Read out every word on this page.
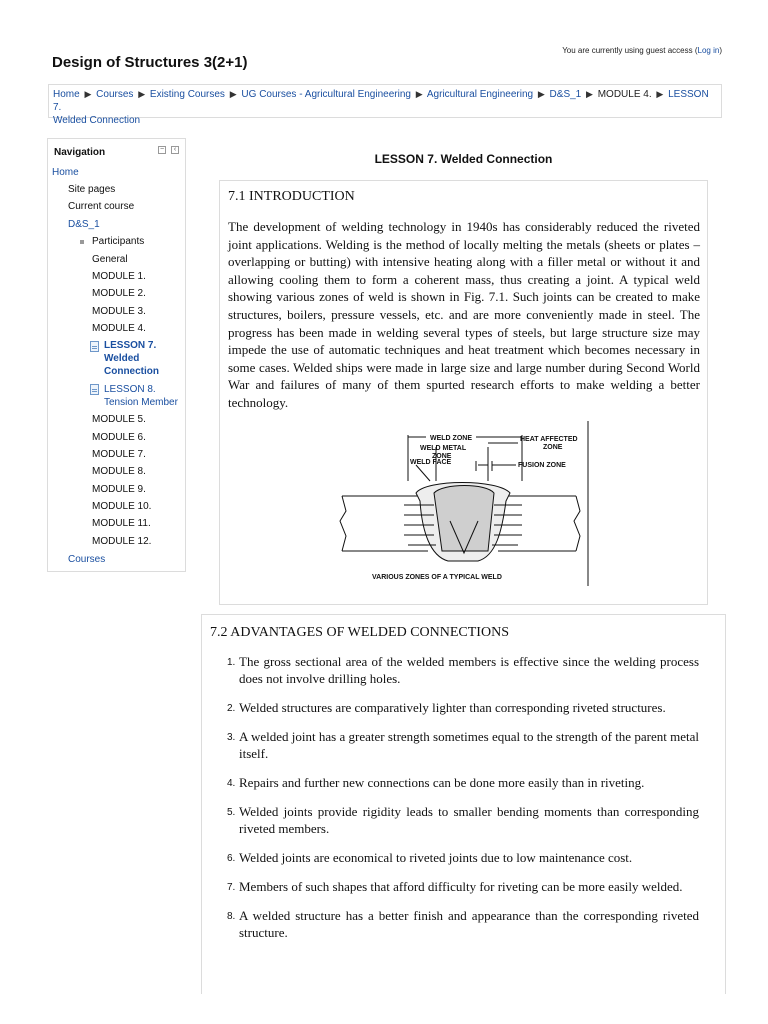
You are currently using guest access (Log in)
Design of Structures 3(2+1)
Home ▶ Courses ▶ Existing Courses ▶ UG Courses - Agricultural Engineering ▶ Agricultural Engineering ▶ D&S_1 ▶ MODULE 4. ▶ LESSON 7.
Welded Connection
Navigation	−	‹
Home
Site pages
Current course
D&S_1
Participants
General
MODULE 1.
MODULE 2.
MODULE 3.
MODULE 4.
LESSON 7.
Welded
Connection
LESSON 8.
Tension Member
MODULE 5.
MODULE 6.
MODULE 7.
MODULE 8.
MODULE 9.
MODULE 10.
MODULE 11.
MODULE 12.
Courses
LESSON 7. Welded Connection
7.1 INTRODUCTION
The development of welding technology in 1940s has considerably reduced the riveted joint applications. Welding is the method of locally melting the metals (sheets or plates – overlapping or butting) with intensive heating along with a filler metal or without it and allowing cooling them to form a coherent mass, thus creating a joint. A typical weld showing various zones of weld is shown in Fig. 7.1. Such joints can be created to make structures, boilers, pressure vessels, etc. and are more conveniently made in steel. The progress has been made in welding several types of steels, but large structure size may impede the use of automatic techniques and heat treatment which becomes necessary in some cases. Welded ships were made in large size and large number during Second World War and failures of many of them spurted research efforts to make welding a better technology.
WELD ZONE
WELD METAL
ZONE
HEAT AFFECTED
ZONE
WELD FACE	FUSION ZONE
VARIOUS ZONES OF A TYPICAL WELD
7.2 ADVANTAGES OF WELDED CONNECTIONS
1. The gross sectional area of the welded members is effective since the welding process does not involve drilling holes.
2. Welded structures are comparatively lighter than corresponding riveted structures.
3. A welded joint has a greater strength sometimes equal to the strength of the parent metal itself.
4. Repairs and further new connections can be done more easily than in riveting.
5. Welded joints provide rigidity leads to smaller bending moments than corresponding riveted members.
6. Welded joints are economical to riveted joints due to low maintenance cost.
7. Members of such shapes that afford difficulty for riveting can be more easily welded.
8. A welded structure has a better finish and appearance than the corresponding riveted structure.
